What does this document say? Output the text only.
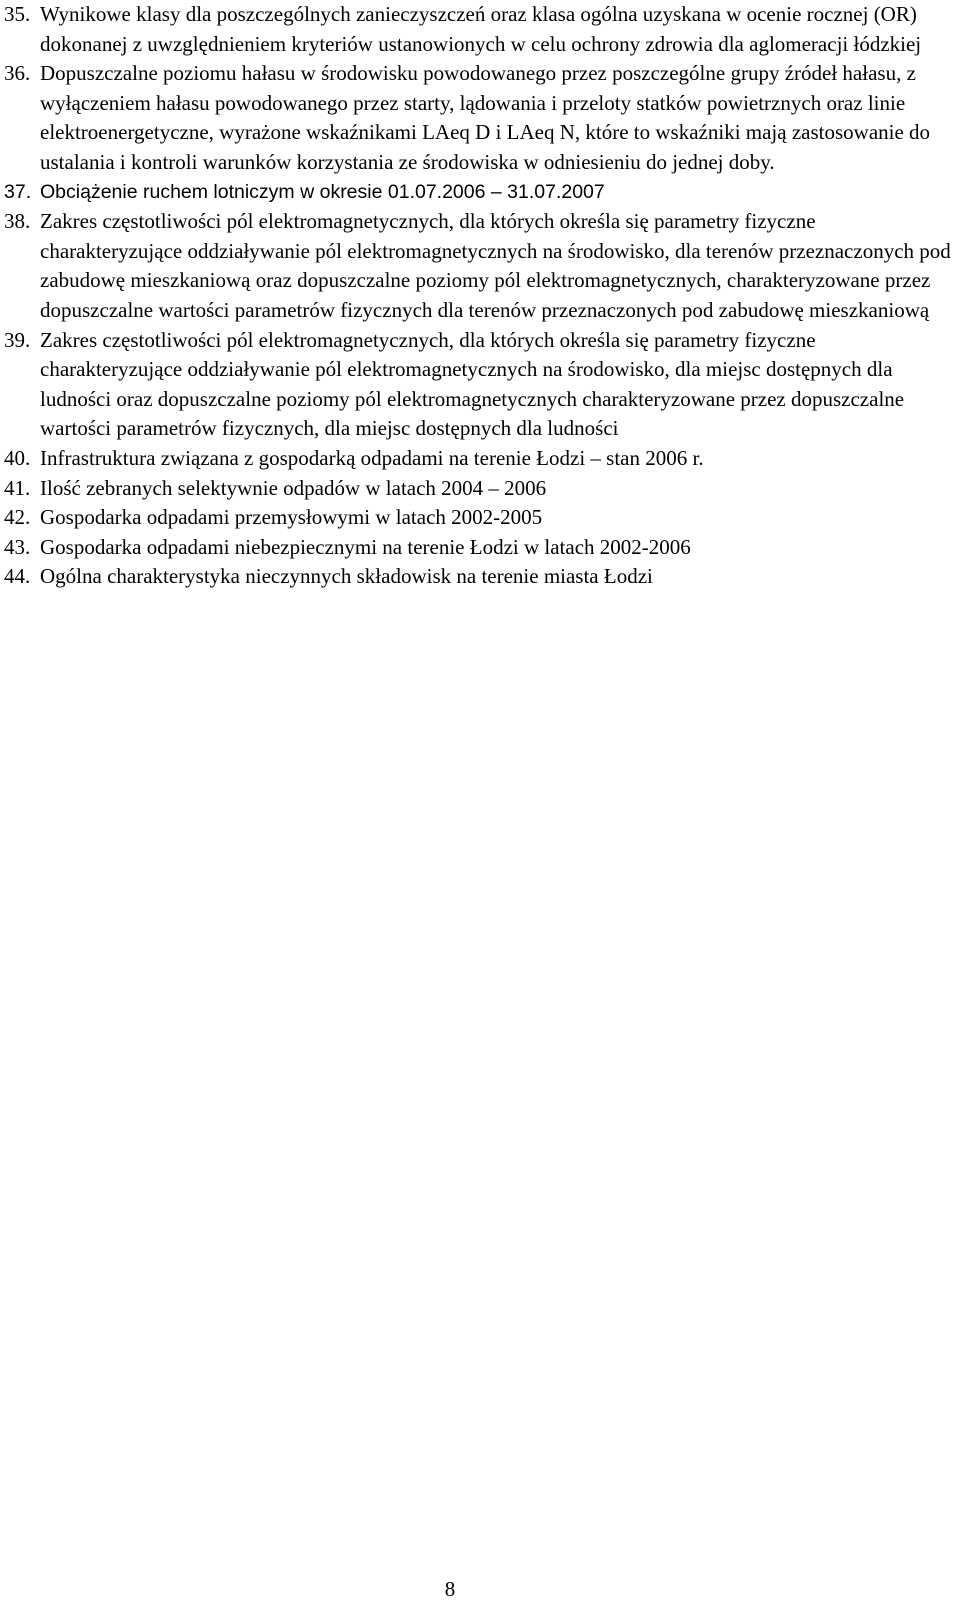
35. Wynikowe klasy dla poszczególnych zanieczyszczeń oraz klasa ogólna uzyskana w ocenie rocznej (OR) dokonanej z uwzględnieniem kryteriów ustanowionych w celu ochrony zdrowia dla aglomeracji łódzkiej
36. Dopuszczalne poziomu hałasu w środowisku powodowanego przez poszczególne grupy źródeł hałasu, z wyłączeniem hałasu powodowanego przez starty, lądowania i przeloty statków powietrznych oraz linie elektroenergetyczne, wyrażone wskaźnikami LAeq D i LAeq N, które to wskaźniki mają zastosowanie do ustalania i kontroli warunków korzystania ze środowiska w odniesieniu do jednej doby.
37. Obciążenie ruchem lotniczym w okresie 01.07.2006 – 31.07.2007
38. Zakres częstotliwości pól elektromagnetycznych, dla których określa się parametry fizyczne charakteryzujące oddziaływanie pól elektromagnetycznych na środowisko, dla terenów przeznaczonych pod zabudowę mieszkaniową oraz dopuszczalne poziomy pól elektromagnetycznych, charakteryzowane przez dopuszczalne wartości parametrów fizycznych dla terenów przeznaczonych pod zabudowę mieszkaniową
39. Zakres częstotliwości pól elektromagnetycznych, dla których określa się parametry fizyczne charakteryzujące oddziaływanie pól elektromagnetycznych na środowisko, dla miejsc dostępnych dla ludności oraz dopuszczalne poziomy pól elektromagnetycznych charakteryzowane przez dopuszczalne wartości parametrów fizycznych, dla miejsc dostępnych dla ludności
40. Infrastruktura związana z gospodarką odpadami na terenie Łodzi – stan 2006 r.
41. Ilość zebranych selektywnie odpadów w latach 2004 – 2006
42. Gospodarka odpadami przemysłowymi w latach 2002-2005
43. Gospodarka odpadami niebezpiecznymi na terenie Łodzi w latach 2002-2006
44. Ogólna charakterystyka nieczynnych składowisk na terenie miasta Łodzi
8
